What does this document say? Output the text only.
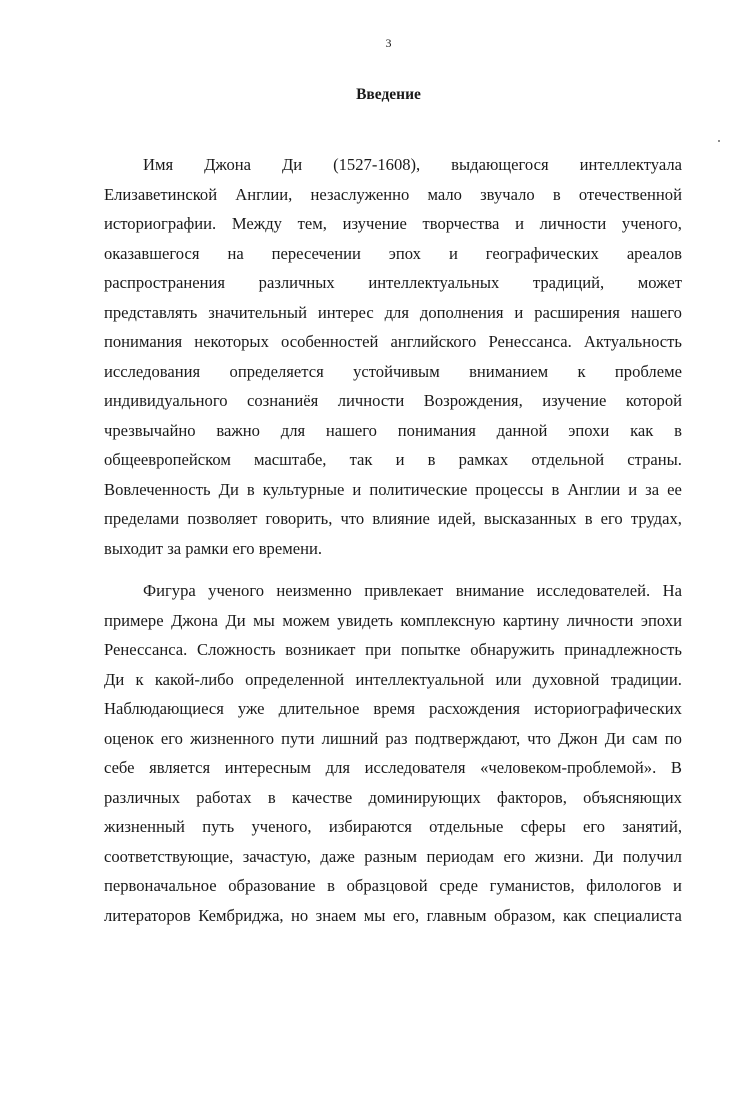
3
Введение
Имя Джона Ди (1527-1608), выдающегося интеллектуала
Елизаветинской Англии, незаслуженно мало звучало в отечественной
историографии. Между тем, изучение творчества и личности ученого,
оказавшегося на пересечении эпох и географических ареалов
распространения различных интеллектуальных традиций, может
представлять значительный интерес для дополнения и расширения нашего
понимания некоторых особенностей английского Ренессанса. Актуальность
исследования определяется устойчивым вниманием к проблеме
индивидуального сознаниёя личности Возрождения, изучение которой
чрезвычайно важно для нашего понимания данной эпохи как в
общеевропейском масштабе, так и в рамках отдельной страны.
Вовлеченность Ди в культурные и политические процессы в Англии и за ее
пределами позволяет говорить, что влияние идей, высказанных в его трудах,
выходит за рамки его времени.
Фигура ученого неизменно привлекает внимание исследователей. На
примере Джона Ди мы можем увидеть комплексную картину личности эпохи
Ренессанса. Сложность возникает при попытке обнаружить принадлежность
Ди к какой-либо определенной интеллектуальной или духовной традиции.
Наблюдающиеся уже длительное время расхождения историографических
оценок его жизненного пути лишний раз подтверждают, что Джон Ди сам по
себе является интересным для исследователя «человеком-проблемой». В
различных работах в качестве доминирующих факторов, объясняющих
жизненный путь ученого, избираются отдельные сферы его занятий,
соответствующие, зачастую, даже разным периодам его жизни. Ди получил
первоначальное образование в образцовой среде гуманистов, филологов и
литераторов Кембриджа, но знаем мы его, главным образом, как специалиста
